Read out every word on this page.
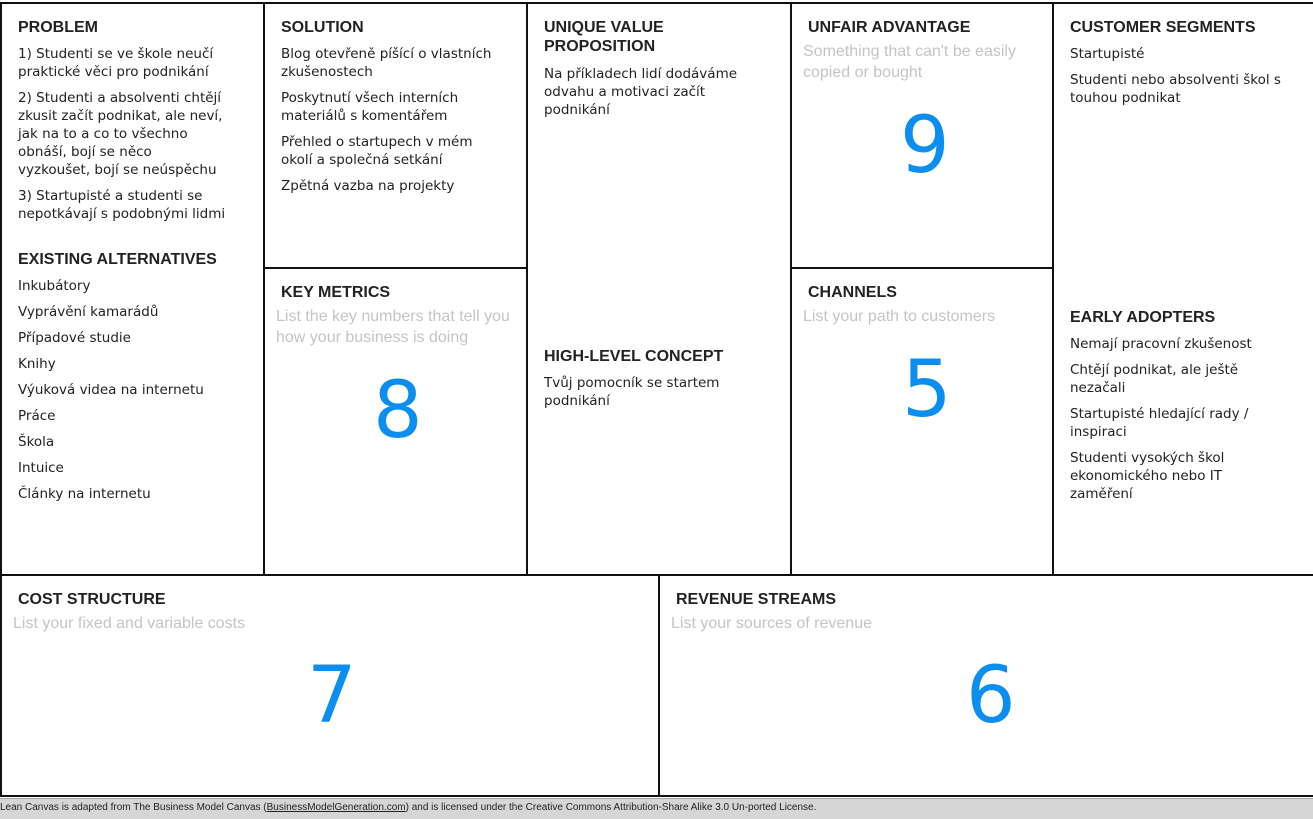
PROBLEM
1) Studenti se ve škole neučí praktické věci pro podnikání
2) Studenti a absolventi chtějí zkusit začít podnikat, ale neví, jak na to a co to všechno obnáší, bojí se něco vyzkoušet, bojí se neúspěchu
3) Startupisté a studenti se nepotkávají s podobnými lidmi
EXISTING ALTERNATIVES
Inkubátory
Vyprávění kamarádů
Případové studie
Knihy
Výuková videa na internetu
Práce
Škola
Intuice
Články na internetu
SOLUTION
Blog otevřeně píšící o vlastních zkušenostech
Poskytnutí všech interních materiálů s komentářem
Přehled o startupech v mém okolí a společná setkání
Zpětná vazba na projekty
KEY METRICS
List the key numbers that tell you how your business is doing
8
UNIQUE VALUE PROPOSITION
Na příkladech lidí dodáváme odvahu a motivaci začít podnikání
HIGH-LEVEL CONCEPT
Tvůj pomocník se startem podnikání
UNFAIR ADVANTAGE
Something that can't be easily copied or bought
9
CHANNELS
List your path to customers
5
CUSTOMER SEGMENTS
Startupisté
Studenti nebo absolventi škol s touhou podnikat
EARLY ADOPTERS
Nemají pracovní zkušenost
Chtějí podnikat, ale ještě nezačali
Startupisté hledající rady / inspiraci
Studenti vysokých škol ekonomického nebo IT zaměření
COST STRUCTURE
List your fixed and variable costs
7
REVENUE STREAMS
List your sources of revenue
6
Lean Canvas is adapted from The Business Model Canvas (BusinessModelGeneration.com) and is licensed under the Creative Commons Attribution-Share Alike 3.0 Un-ported License.
